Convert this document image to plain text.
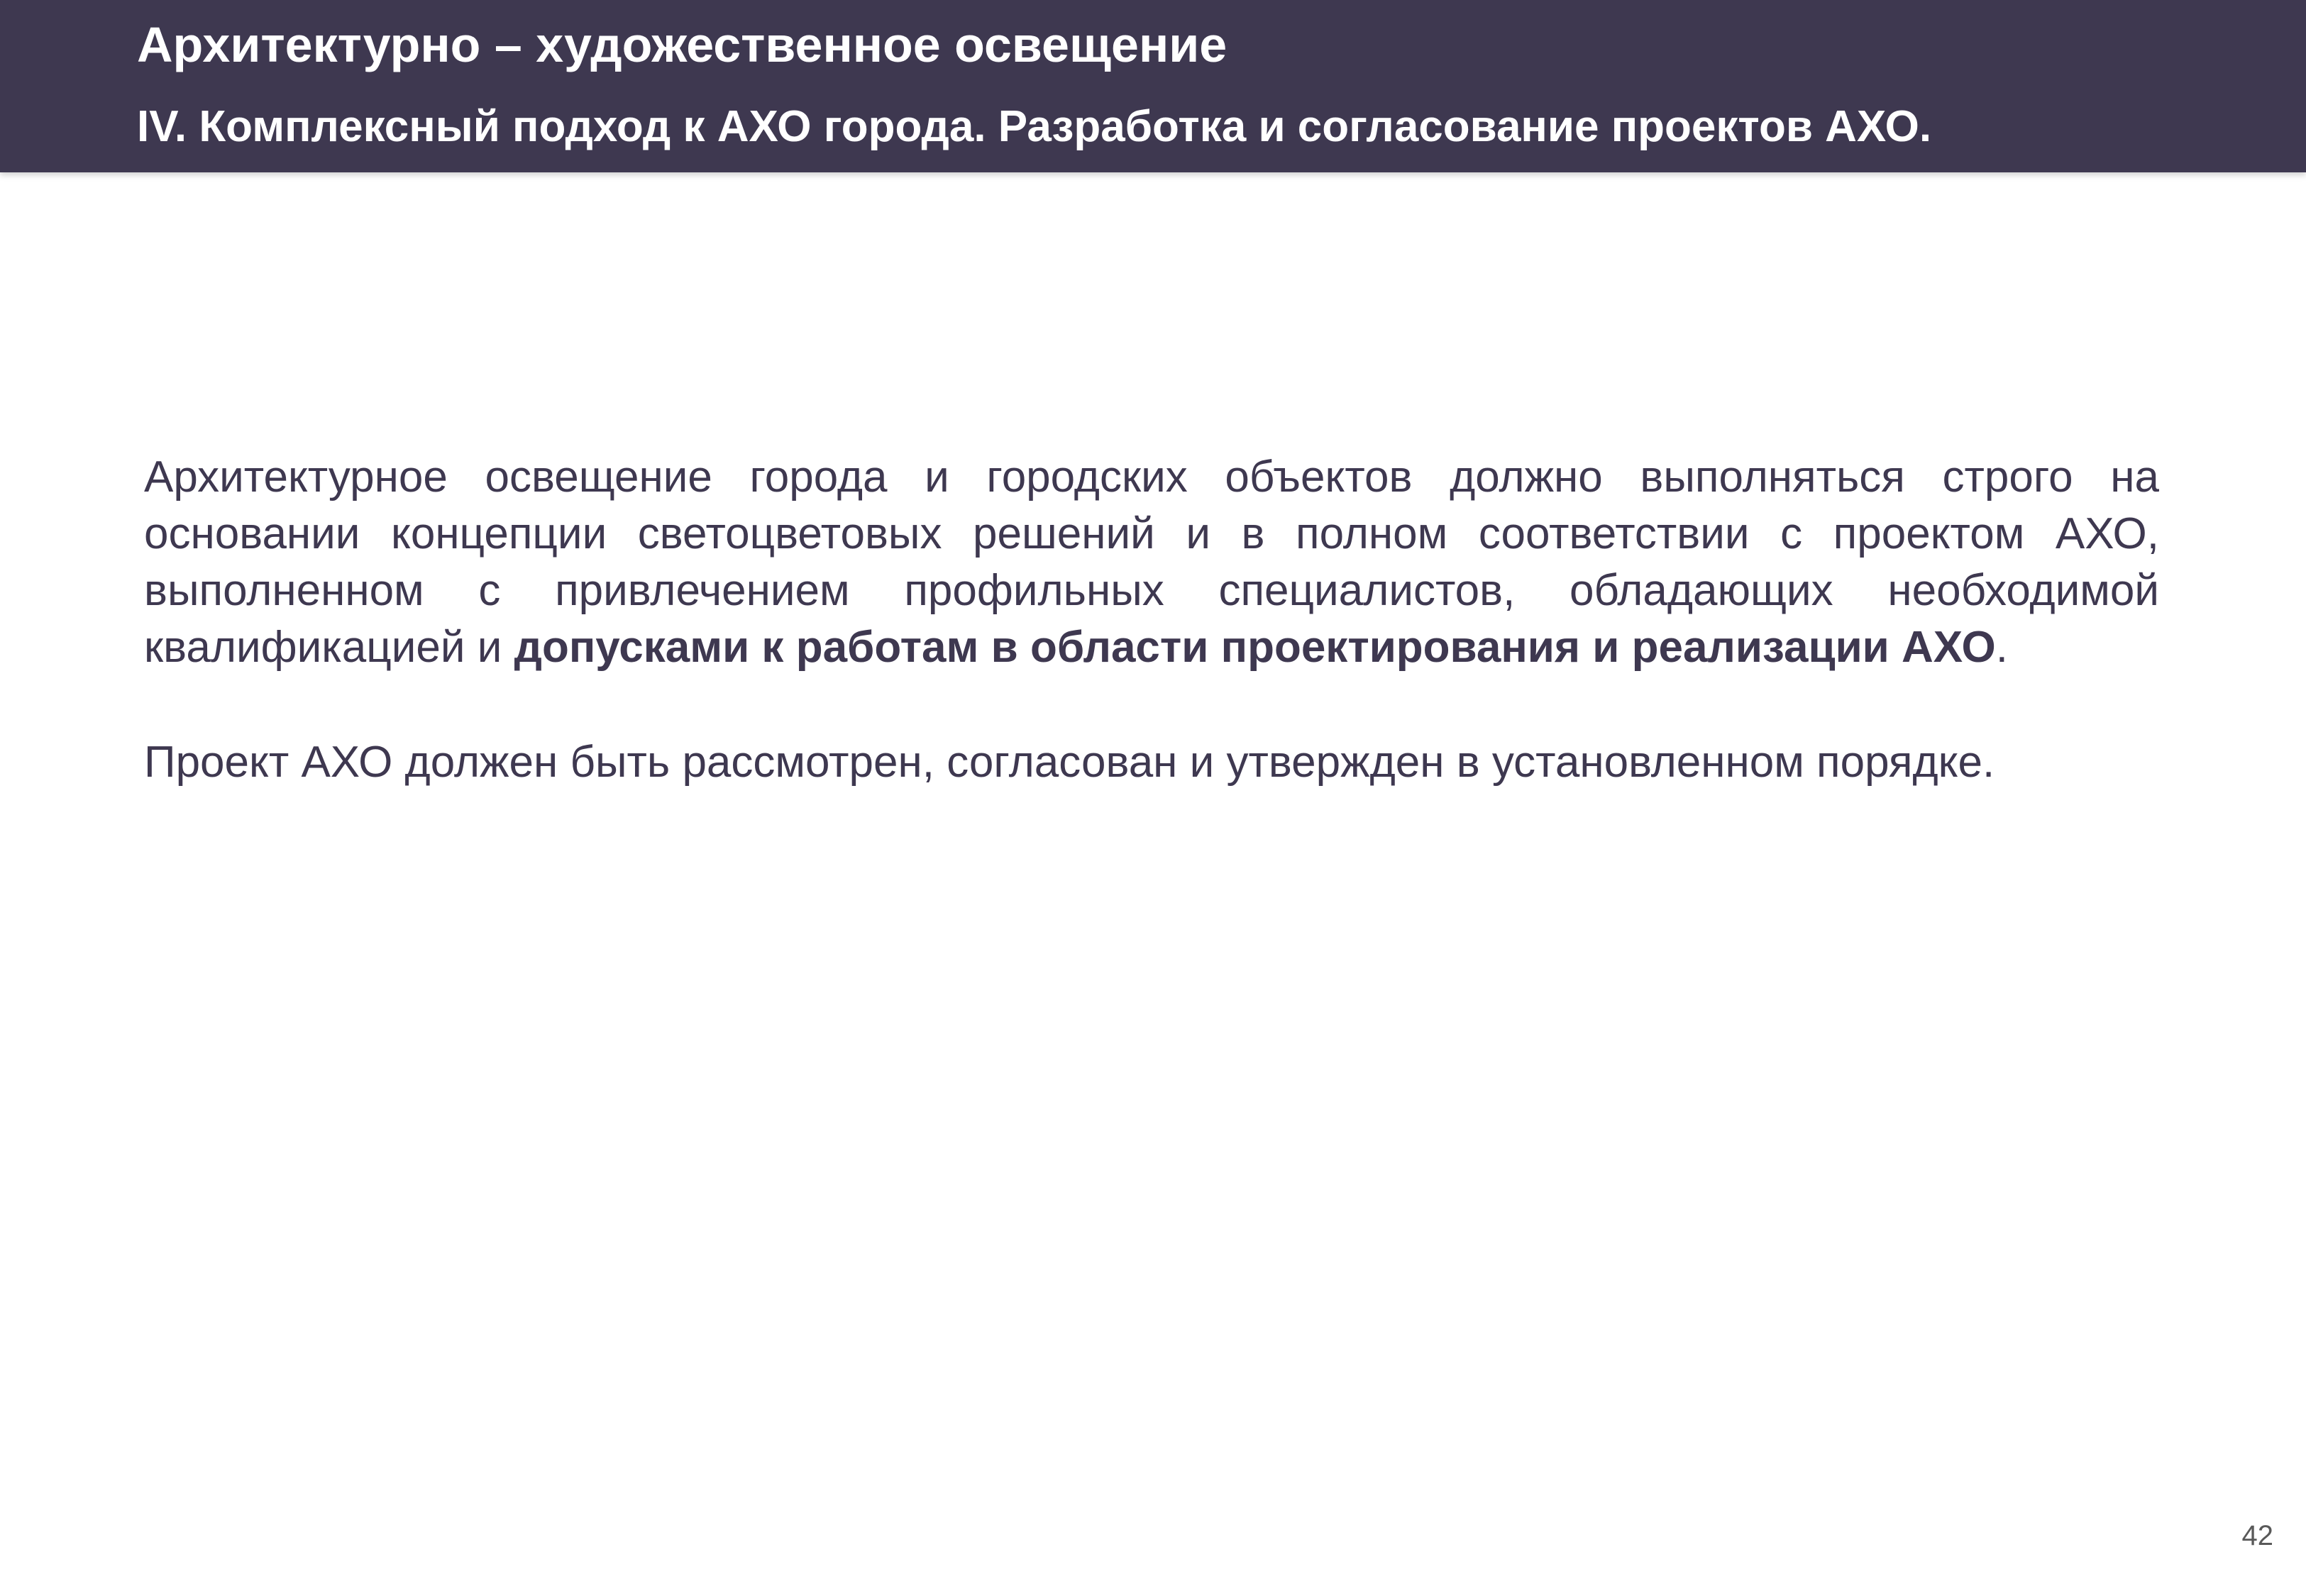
Архитектурно – художественное освещение
IV. Комплексный подход к АХО города. Разработка и согласование проектов АХО.

Архитектурное освещение города и городских объектов должно выполняться строго на основании концепции светоцветовых решений и в полном соответствии с проектом АХО, выполненном с привлечением профильных специалистов, обладающих необходимой квалификацией и допусками к работам в области проектирования и реализации АХО.

Проект АХО должен быть рассмотрен, согласован и утвержден в установленном порядке.

42
